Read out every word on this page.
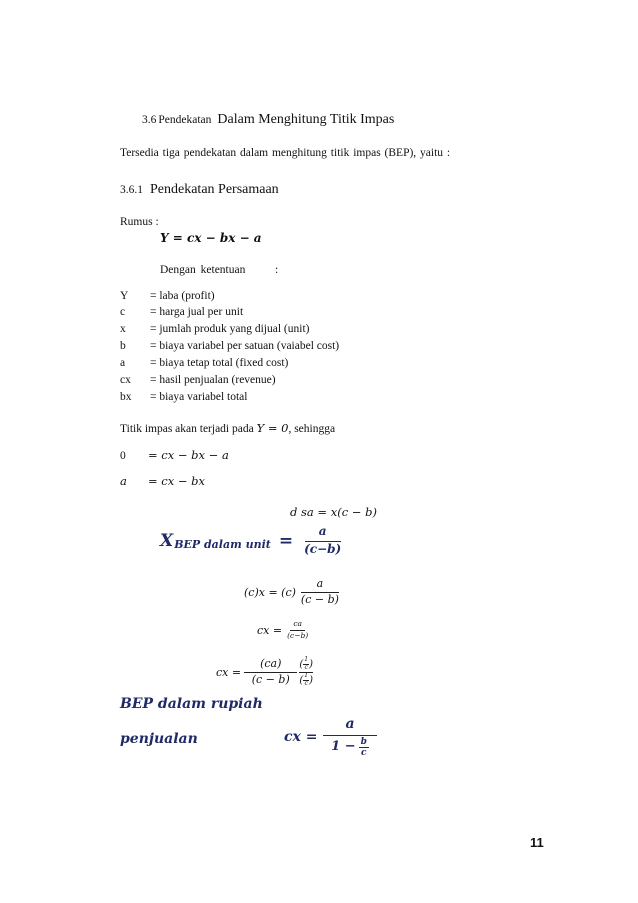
3.6 Pendekatan Dalam Menghitung Titik Impas
Tersedia tiga pendekatan dalam menghitung titik impas (BEP), yaitu :
3.6.1 Pendekatan Persamaan
Rumus :
Y = cx − bx − a
Dengan ketentuan	:
Y = laba (profit)
c = harga jual per unit
x = jumlah produk yang dijual (unit)
b = biaya variabel per satuan (vaiabel cost)
a = biaya tetap total (fixed cost)
cx = hasil penjualan (revenue)
bx = biaya variabel total
Titik impas akan terjadi pada Y = 0, sehingga
0 = cx − bx − a
a = cx − bx
d sa = x(c − b)
X BEP dalam unit = $\frac{a}{(c-b)}$
$(c)x = (c) \frac{a}{(c - b)}$
cx = $\frac{ca}{(c-b)}$
cx = $\frac{(ca)}{(c - b)}$ ( $\frac{1}{c}$ )
( $\frac{1}{c}$ )
BEP dalam rupiah
penjualan	cx = $\frac{a}{1 - \frac{b}{c}}$
11
